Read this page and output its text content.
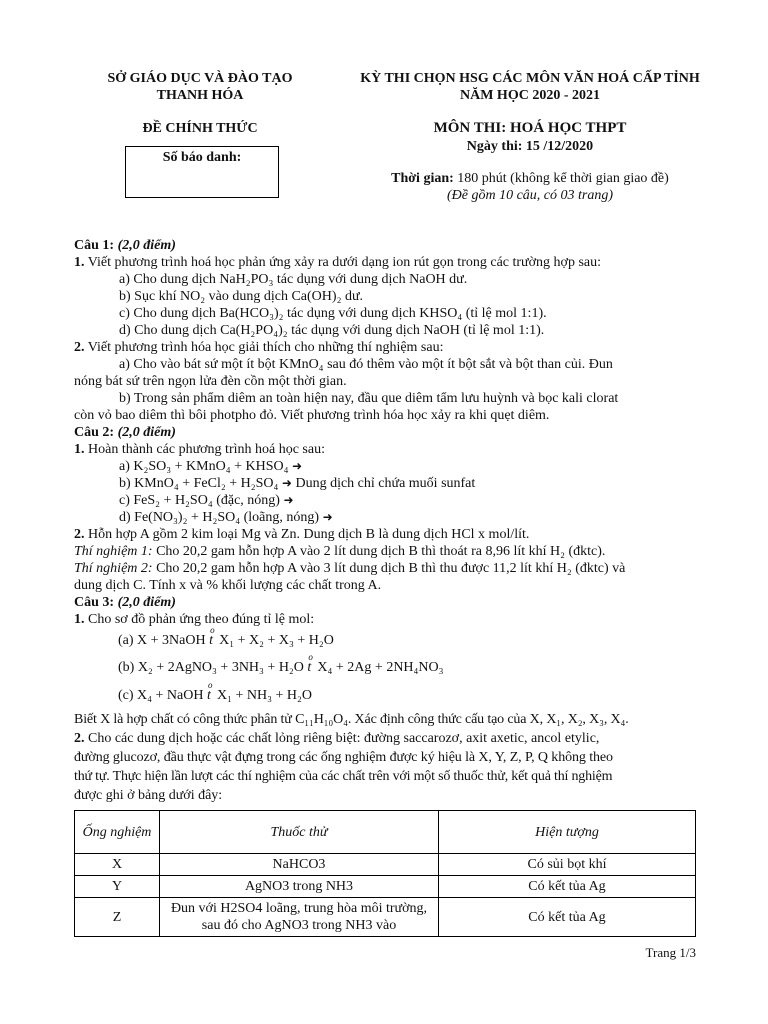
SỞ GIÁO DỤC VÀ ĐÀO TẠO
THANH HÓA
ĐỀ CHÍNH THỨC
Số báo danh:
KỲ THI CHỌN HSG CÁC MÔN VĂN HOÁ CẤP TỈNH
NĂM HỌC 2020 - 2021
MÔN THI: HOÁ HỌC THPT
Ngày thi: 15 /12/2020
Thời gian: 180 phút (không kể thời gian giao đề)
(Đề gồm 10 câu, có 03 trang)
Câu 1: (2,0 điểm)
1. Viết phương trình hoá học phản ứng xảy ra dưới dạng ion rút gọn trong các trường hợp sau:
a) Cho dung dịch NaH₂PO₃ tác dụng với dung dịch NaOH dư.
b) Sục khí NO₂ vào dung dịch Ca(OH)₂ dư.
c) Cho dung dịch Ba(HCO₃)₂ tác dụng với dung dịch KHSO₄ (tỉ lệ mol 1:1).
d) Cho dung dịch Ca(H₂PO₄)₂ tác dụng với dung dịch NaOH (tỉ lệ mol 1:1).
2. Viết phương trình hóa học giải thích cho những thí nghiệm sau:
a) Cho vào bát sứ một ít bột KMnO₄ sau đó thêm vào một ít bột sắt và bột than củi. Đun
nóng bát sứ trên ngọn lửa đèn cồn một thời gian.
b) Trong sản phẩm diêm an toàn hiện nay, đầu que diêm tẩm lưu huỳnh và bọc kali clorat
còn vỏ bao diêm thì bôi photpho đỏ. Viết phương trình hóa học xảy ra khi quẹt diêm.
Câu 2: (2,0 điểm)
1. Hoàn thành các phương trình hoá học sau:
a) K₂SO₃ + KMnO₄ + KHSO₄ ➜
b) KMnO₄ + FeCl₂ + H₂SO₄ ➜ Dung dịch chỉ chứa muối sunfat
c) FeS₂ + H₂SO₄ (đặc, nóng) ➜
d) Fe(NO₃)₂ + H₂SO₄ (loãng, nóng) ➜
2. Hỗn hợp A gồm 2 kim loại Mg và Zn. Dung dịch B là dung dịch HCl x mol/lít.
Thí nghiệm 1: Cho 20,2 gam hỗn hợp A vào 2 lít dung dịch B thì thoát ra 8,96 lít khí H₂ (đktc).
Thí nghiệm 2: Cho 20,2 gam hỗn hợp A vào 3 lít dung dịch B thì thu được 11,2 lít khí H₂ (đktc) và
dung dịch C. Tính x và % khối lượng các chất trong A.
Câu 3: (2,0 điểm)
1. Cho sơ đồ phản ứng theo đúng tỉ lệ mol:
(a) X + 3NaOH
o
t X₁ + X₂ + X₃ + H₂O
(b) X₂ + 2AgNO₃ + 3NH₃ + H₂O
o
t X₄ + 2Ag + 2NH₄NO₃
(c) X₄ + NaOH
o
t X₁ + NH₃ + H₂O
Biết X là hợp chất có công thức phân tử C₁₁H₁₀O₄. Xác định công thức cấu tạo của X, X₁, X₂, X₃, X₄.
2. Cho các dung dịch hoặc các chất lỏng riêng biệt: đường saccarozơ, axit axetic, ancol etylic,
đường glucozơ, đầu thực vật đựng trong các ống nghiệm được ký hiệu là X, Y, Z, P, Q không theo
thứ tự. Thực hiện lần lượt các thí nghiệm của các chất trên với một số thuốc thử, kết quả thí nghiệm
được ghi ở bảng dưới đây:
Ống nghiệm	Thuốc thử	Hiện tượng
X	NaHCO3	Có sủi bọt khí
Y	AgNO3 trong NH3	Có kết tủa Ag
Z	Đun với H2SO4 loãng, trung hòa môi trường, sau đó cho AgNO3 trong NH3 vào	Có kết tủa Ag
Trang 1/3
